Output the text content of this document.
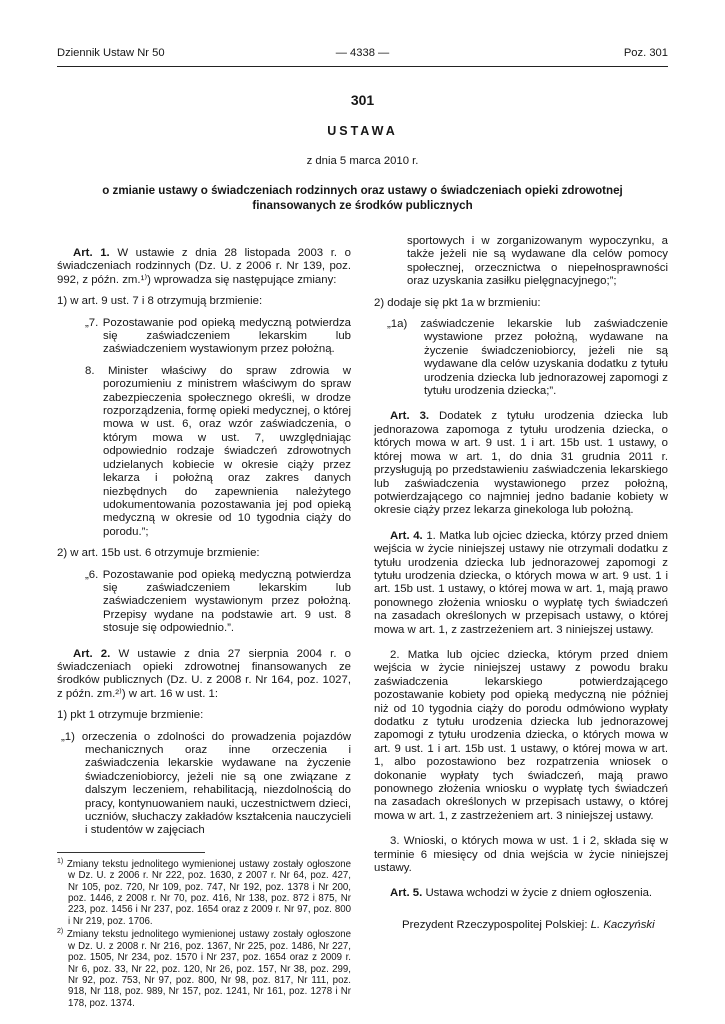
Dziennik Ustaw Nr 50	— 4338 —	Poz. 301
301
USTAWA
z dnia 5 marca 2010 r.
o zmianie ustawy o świadczeniach rodzinnych oraz ustawy o świadczeniach opieki zdrowotnej finansowanych ze środków publicznych

Art. 1. W ustawie z dnia 28 listopada 2003 r. o świadczeniach rodzinnych (Dz. U. z 2006 r. Nr 139, poz. 992, z późn. zm.¹⁾) wprowadza się następujące zmiany:

1) w art. 9 ust. 7 i 8 otrzymują brzmienie:

„7. Pozostawanie pod opieką medyczną potwierdza się zaświadczeniem lekarskim lub zaświadczeniem wystawionym przez położną.

8. Minister właściwy do spraw zdrowia w porozumieniu z ministrem właściwym do spraw zabezpieczenia społecznego określi, w drodze rozporządzenia, formę opieki medycznej, o której mowa w ust. 6, oraz wzór zaświadczenia, o którym mowa w ust. 7, uwzględniając odpowiednio rodzaje świadczeń zdrowotnych udzielanych kobiecie w okresie ciąży przez lekarza i położną oraz zakres danych niezbędnych do zapewnienia należytego udokumentowania pozostawania jej pod opieką medyczną w okresie od 10 tygodnia ciąży do porodu.”;

2) w art. 15b ust. 6 otrzymuje brzmienie:

„6. Pozostawanie pod opieką medyczną potwierdza się zaświadczeniem lekarskim lub zaświadczeniem wystawionym przez położną. Przepisy wydane na podstawie art. 9 ust. 8 stosuje się odpowiednio.”.

Art. 2. W ustawie z dnia 27 sierpnia 2004 r. o świadczeniach opieki zdrowotnej finansowanych ze środków publicznych (Dz. U. z 2008 r. Nr 164, poz. 1027, z późn. zm.²⁾) w art. 16 w ust. 1:

1) pkt 1 otrzymuje brzmienie:

„1) orzeczenia o zdolności do prowadzenia pojazdów mechanicznych oraz inne orzeczenia i zaświadczenia lekarskie wydawane na życzenie świadczeniobiorcy, jeżeli nie są one związane z dalszym leczeniem, rehabilitacją, niezdolnością do pracy, kontynuowaniem nauki, uczestnictwem dzieci, uczniów, słuchaczy zakładów kształcenia nauczycieli i studentów w zajęciach

$^{1)}$ Zmiany tekstu jednolitego wymienionej ustawy zostały ogłoszone w Dz. U. z 2006 r. Nr 222, poz. 1630, z 2007 r. Nr 64, poz. 427, Nr 105, poz. 720, Nr 109, poz. 747, Nr 192, poz. 1378 i Nr 200, poz. 1446, z 2008 r. Nr 70, poz. 416, Nr 138, poz. 872 i 875, Nr 223, poz. 1456 i Nr 237, poz. 1654 oraz z 2009 r. Nr 97, poz. 800 i Nr 219, poz. 1706.

$^{2)}$ Zmiany tekstu jednolitego wymienionej ustawy zostały ogłoszone w Dz. U. z 2008 r. Nr 216, poz. 1367, Nr 225, poz. 1486, Nr 227, poz. 1505, Nr 234, poz. 1570 i Nr 237, poz. 1654 oraz z 2009 r. Nr 6, poz. 33, Nr 22, poz. 120, Nr 26, poz. 157, Nr 38, poz. 299, Nr 92, poz. 753, Nr 97, poz. 800, Nr 98, poz. 817, Nr 111, poz. 918, Nr 118, poz. 989, Nr 157, poz. 1241, Nr 161, poz. 1278 i Nr 178, poz. 1374.

sportowych i w zorganizowanym wypoczynku, a także jeżeli nie są wydawane dla celów pomocy społecznej, orzecznictwa o niepełnosprawności oraz uzyskania zasiłku pielęgnacyjnego;”;

2) dodaje się pkt 1a w brzmieniu:

„1a) zaświadczenie lekarskie lub zaświadczenie wystawione przez położną, wydawane na życzenie świadczeniobiorcy, jeżeli nie są wydawane dla celów uzyskania dodatku z tytułu urodzenia dziecka lub jednorazowej zapomogi z tytułu urodzenia dziecka;”.

Art. 3. Dodatek z tytułu urodzenia dziecka lub jednorazowa zapomoga z tytułu urodzenia dziecka, o których mowa w art. 9 ust. 1 i art. 15b ust. 1 ustawy, o której mowa w art. 1, do dnia 31 grudnia 2011 r. przysługują po przedstawieniu zaświadczenia lekarskiego lub zaświadczenia wystawionego przez położną, potwierdzającego co najmniej jedno badanie kobiety w okresie ciąży przez lekarza ginekologa lub położną.

Art. 4. 1. Matka lub ojciec dziecka, którzy przed dniem wejścia w życie niniejszej ustawy nie otrzymali dodatku z tytułu urodzenia dziecka lub jednorazowej zapomogi z tytułu urodzenia dziecka, o których mowa w art. 9 ust. 1 i art. 15b ust. 1 ustawy, o której mowa w art. 1, mają prawo ponownego złożenia wniosku o wypłatę tych świadczeń na zasadach określonych w przepisach ustawy, o której mowa w art. 1, z zastrzeżeniem art. 3 niniejszej ustawy.

2. Matka lub ojciec dziecka, którym przed dniem wejścia w życie niniejszej ustawy z powodu braku zaświadczenia lekarskiego potwierdzającego pozostawanie kobiety pod opieką medyczną nie później niż od 10 tygodnia ciąży do porodu odmówiono wypłaty dodatku z tytułu urodzenia dziecka lub jednorazowej zapomogi z tytułu urodzenia dziecka, o których mowa w art. 9 ust. 1 i art. 15b ust. 1 ustawy, o której mowa w art. 1, albo pozostawiono bez rozpatrzenia wniosek o dokonanie wypłaty tych świadczeń, mają prawo ponownego złożenia wniosku o wypłatę tych świadczeń na zasadach określonych w przepisach ustawy, o której mowa w art. 1, z zastrzeżeniem art. 3 niniejszej ustawy.

3. Wnioski, o których mowa w ust. 1 i 2, składa się w terminie 6 miesięcy od dnia wejścia w życie niniejszej ustawy.

Art. 5. Ustawa wchodzi w życie z dniem ogłoszenia.

Prezydent Rzeczypospolitej Polskiej: L. Kaczyński
